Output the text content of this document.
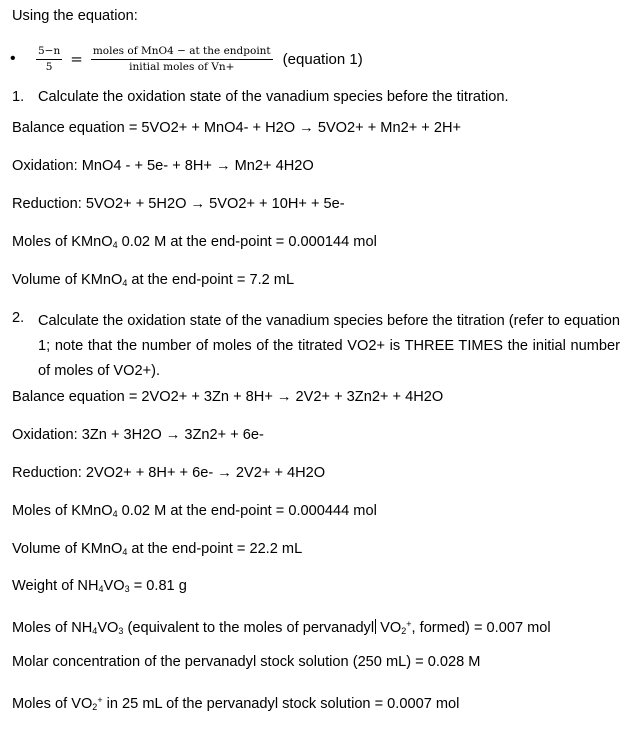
Using the equation:
• $\frac{5-n}{5} = \frac{\text{moles of MnO4 − at the endpoint}}{\text{initial moles of Vn+}}$ (equation 1)
1. Calculate the oxidation state of the vanadium species before the titration.
Balance equation = 5VO2+ + MnO4- + H2O → 5VO2+ + Mn2+ + 2H+
Oxidation: MnO4 - + 5e- + 8H+ → Mn2+ 4H2O
Reduction: 5VO2+ + 5H2O → 5VO2+ + 10H+ + 5e-
Moles of KMnO$_4$ 0.02 M at the end-point = 0.000144 mol
Volume of KMnO$_4$ at the end-point = 7.2 mL
2. Calculate the oxidation state of the vanadium species before the titration (refer to equation 1; note that the number of moles of the titrated VO2+ is THREE TIMES the initial number of moles of VO2+).
Balance equation = 2VO2+ + 3Zn + 8H+ → 2V2+ + 3Zn2+ + 4H2O
Oxidation: 3Zn + 3H2O → 3Zn2+ + 6e-
Reduction: 2VO2+ + 8H+ + 6e- → 2V2+ + 4H2O
Moles of KMnO$_4$ 0.02 M at the end-point = 0.000444 mol
Volume of KMnO$_4$ at the end-point = 22.2 mL
Weight of $NH_4VO_3 = 0.81$ g
Moles of $NH_4VO_3$ (equivalent to the moles of pervanadyl $VO_2^+$, formed) = 0.007 mol
Molar concentration of the pervanadyl stock solution (250 mL) = 0.028 M
Moles of $VO_2^+$ in 25 mL of the pervanadyl stock solution = 0.0007 mol
